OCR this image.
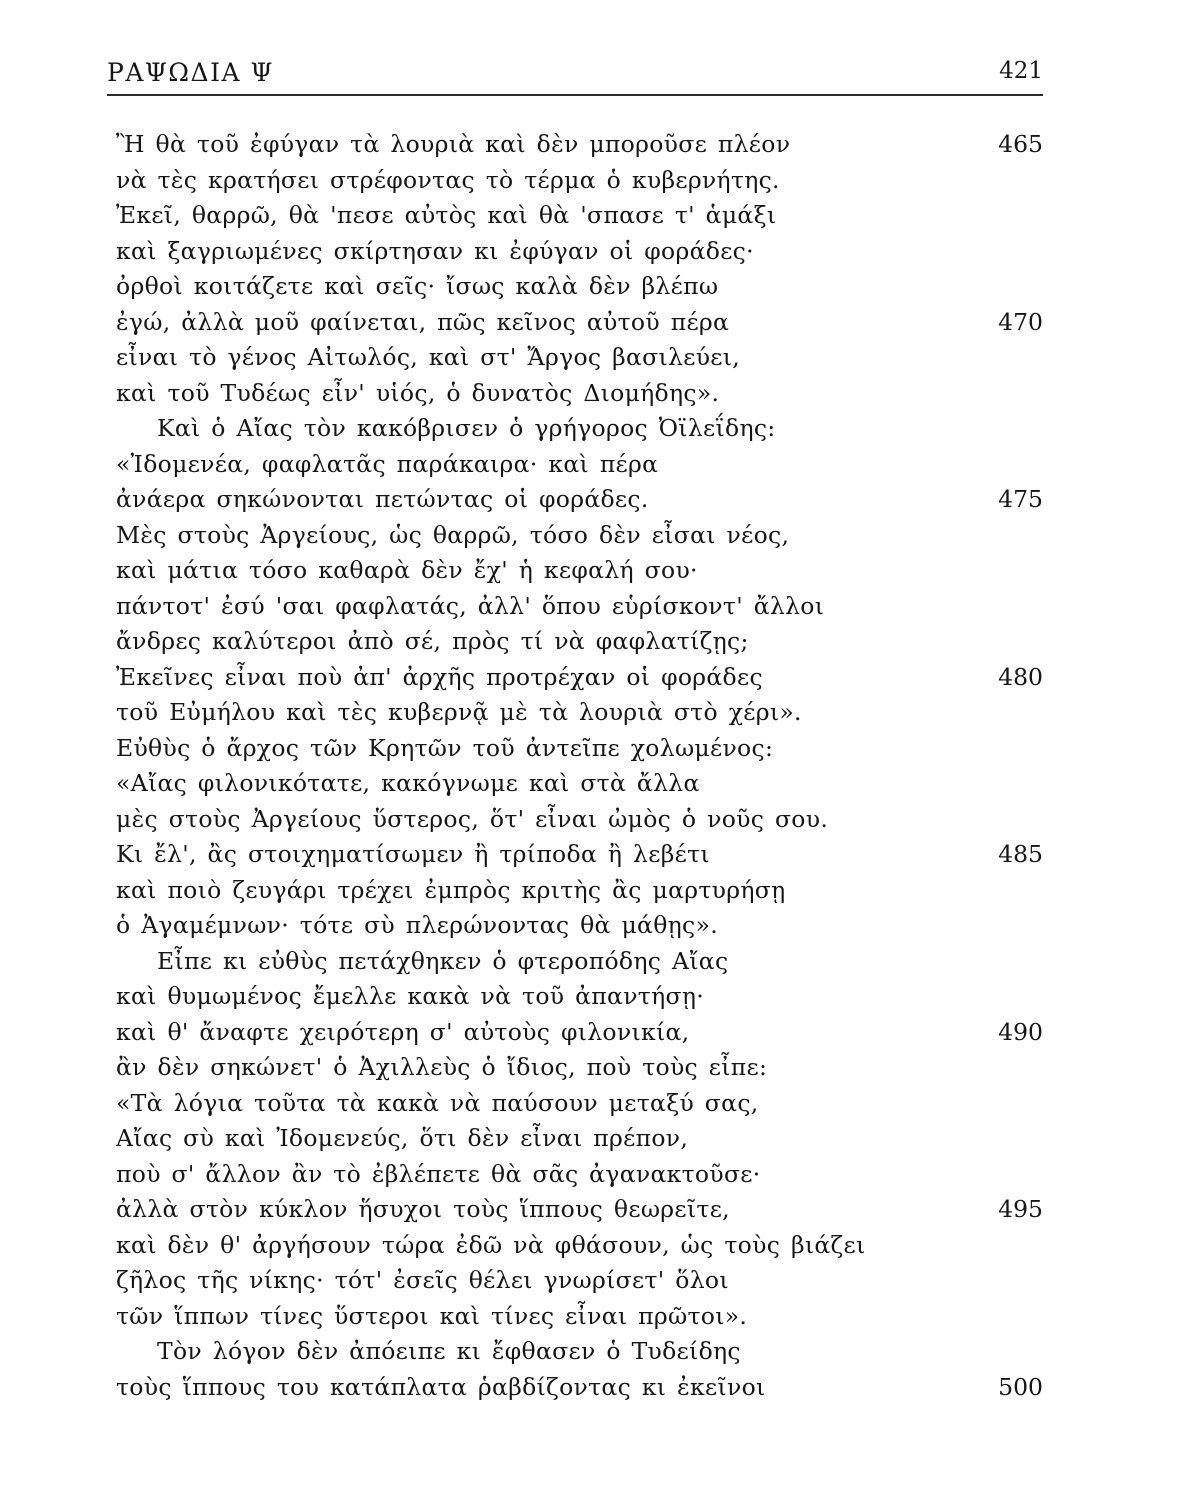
ΡΑΨΩΔΙΑ Ψ	421
Ἢ θὰ τοῦ ἐφύγαν τὰ λουριὰ καὶ δὲν μποροῦσε πλέον	465
νὰ τὲς κρατήσει στρέφοντας τὸ τέρμα ὁ κυβερνήτης.
Ἐκεῖ, θαρρῶ, θὰ 'πεσε αὐτὸς καὶ θὰ 'σπασε τ' ἁμάξι
καὶ ξαγριωμένες σκίρτησαν κι ἐφύγαν οἱ φοράδες·
ὀρθοὶ κοιτάζετε καὶ σεῖς· ἴσως καλὰ δὲν βλέπω
ἐγώ, ἀλλὰ μοῦ φαίνεται, πῶς κεῖνος αὐτοῦ πέρα	470
εἶναι τὸ γένος Αἰτωλός, καὶ στ' Ἄργος βασιλεύει,
καὶ τοῦ Τυδέως εἶν' υἱός, ὁ δυνατὸς Διομήδης».
Καὶ ὁ Αἴας τὸν κακόβρισεν ὁ γρήγορος Ὀϊλεΐδης:
«Ἰδομενέα, φαφλατᾶς παράκαιρα· καὶ πέρα
ἀνάερα σηκώνονται πετώντας οἱ φοράδες.	475
Μὲς στοὺς Ἀργείους, ὡς θαρρῶ, τόσο δὲν εἶσαι νέος,
καὶ μάτια τόσο καθαρὰ δὲν ἔχ' ἡ κεφαλή σου·
πάντοτ' ἐσύ 'σαι φαφλατάς, ἀλλ' ὅπου εὑρίσκοντ' ἄλλοι
ἄνδρες καλύτεροι ἀπὸ σέ, πρὸς τί νὰ φαφλατίζῃς;
Ἐκεῖνες εἶναι ποὺ ἀπ' ἀρχῆς προτρέχαν οἱ φοράδες	480
τοῦ Εὐμήλου καὶ τὲς κυβερνᾷ μὲ τὰ λουριὰ στὸ χέρι».
Εὐθὺς ὁ ἄρχος τῶν Κρητῶν τοῦ ἀντεῖπε χολωμένος:
«Αἴας φιλονικότατε, κακόγνωμε καὶ στὰ ἄλλα
μὲς στοὺς Ἀργείους ὕστερος, ὅτ' εἶναι ὠμὸς ὁ νοῦς σου.
Κι ἔλ', ἂς στοιχηματίσωμεν ἢ τρίποδα ἢ λεβέτι	485
καὶ ποιὸ ζευγάρι τρέχει ἐμπρὸς κριτὴς ἂς μαρτυρήσῃ
ὁ Ἀγαμέμνων· τότε σὺ πλερώνοντας θὰ μάθῃς».
Εἶπε κι εὐθὺς πετάχθηκεν ὁ φτεροπόδης Αἴας
καὶ θυμωμένος ἔμελλε κακὰ νὰ τοῦ ἀπαντήσῃ·
καὶ θ' ἄναφτε χειρότερη σ' αὐτοὺς φιλονικία,	490
ἂν δὲν σηκώνετ' ὁ Ἀχιλλεὺς ὁ ἴδιος, ποὺ τοὺς εἶπε:
«Τὰ λόγια τοῦτα τὰ κακὰ νὰ παύσουν μεταξύ σας,
Αἴας σὺ καὶ Ἰδομενεύς, ὅτι δὲν εἶναι πρέπον,
ποὺ σ' ἄλλον ἂν τὸ ἐβλέπετε θὰ σᾶς ἀγανακτοῦσε·
ἀλλὰ στὸν κύκλον ἥσυχοι τοὺς ἵππους θεωρεῖτε,	495
καὶ δὲν θ' ἀργήσουν τώρα ἐδῶ νὰ φθάσουν, ὡς τοὺς βιάζει
ζῆλος τῆς νίκης· τότ' ἐσεῖς θέλει γνωρίσετ' ὅλοι
τῶν ἵππων τίνες ὕστεροι καὶ τίνες εἶναι πρῶτοι».
Τὸν λόγον δὲν ἀπόειπε κι ἔφθασεν ὁ Τυδείδης
τοὺς ἵππους του κατάπλατα ῥαβδίζοντας κι ἐκεῖνοι	500
